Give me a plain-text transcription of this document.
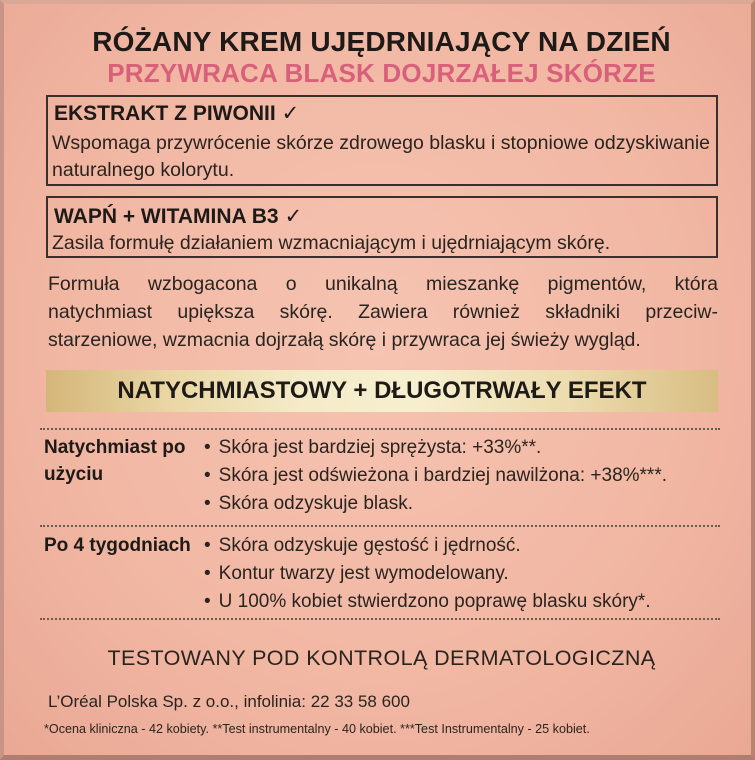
RÓŻANY KREM UJĘDRNIAJĄCY NA DZIEŃ
PRZYWRACA BLASK DOJRZAŁEJ SKÓRZE
EKSTRAKT Z PIWONII ✓
Wspomaga przywrócenie skórze zdrowego blasku i stopniowe odzyskiwanie naturalnego kolorytu.
WAPŃ + WITAMINA B3 ✓
Zasila formułę działaniem wzmacniającym i ujędrniającym skórę.
Formuła wzbogacona o unikalną mieszankę pigmentów, która
natychmiast upiększa skórę. Zawiera również składniki przeciw-
starzeniowe, wzmacnia dojrzałą skórę i przywraca jej świeży wygląd.
NATYCHMIASTOWY + DŁUGOTRWAŁY EFEKT
Natychmiast po
użyciu
• Skóra jest bardziej sprężysta: +33%**.
• Skóra jest odświeżona i bardziej nawilżona: +38%***.
• Skóra odzyskuje blask.
Po 4 tygodniach
•	Skóra odzyskuje gęstość i jędrność.
• Kontur twarzy jest wymodelowany.
• U 100% kobiet stwierdzono poprawę blasku skóry*.
TESTOWANY POD KONTROLĄ DERMATOLOGICZNĄ
L’Oréal Polska Sp. z o.o., infolinia: 22 33 58 600
*Ocena kliniczna - 42 kobiety. **Test instrumentalny - 40 kobiet. ***Test Instrumentalny - 25 kobiet.
